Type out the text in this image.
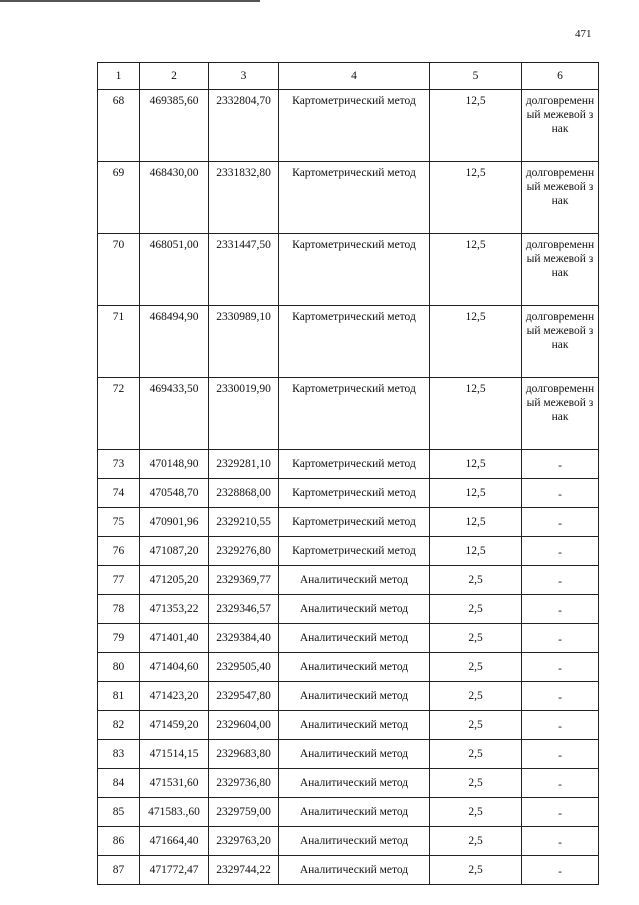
471
1	2	3	4	5	6
68	469385,60	2332804,70	Картометрический метод	12,5	долговременный межевой знак
69	468430,00	2331832,80	Картометрический метод	12,5	долговременный межевой знак
70	468051,00	2331447,50	Картометрический метод	12,5	долговременный межевой знак
71	468494,90	2330989,10	Картометрический метод	12,5	долговременный межевой знак
72	469433,50	2330019,90	Картометрический метод	12,5	долговременный межевой знак
73	470148,90	2329281,10	Картометрический метод	12,5	-
74	470548,70	2328868,00	Картометрический метод	12,5	-
75	470901,96	2329210,55	Картометрический метод	12,5	-
76	471087,20	2329276,80	Картометрический метод	12,5	-
77	471205,20	2329369,77	Аналитический метод	2,5	-
78	471353,22	2329346,57	Аналитический метод	2,5	-
79	471401,40	2329384,40	Аналитический метод	2,5	-
80	471404,60	2329505,40	Аналитический метод	2,5	-
81	471423,20	2329547,80	Аналитический метод	2,5	-
82	471459,20	2329604,00	Аналитический метод	2,5	-
83	471514,15	2329683,80	Аналитический метод	2,5	-
84	471531,60	2329736,80	Аналитический метод	2,5	-
85	471583.,60	2329759,00	Аналитический метод	2,5	-
86	471664,40	2329763,20	Аналитический метод	2,5	-
87	471772,47	2329744,22	Аналитический метод	2,5	-
